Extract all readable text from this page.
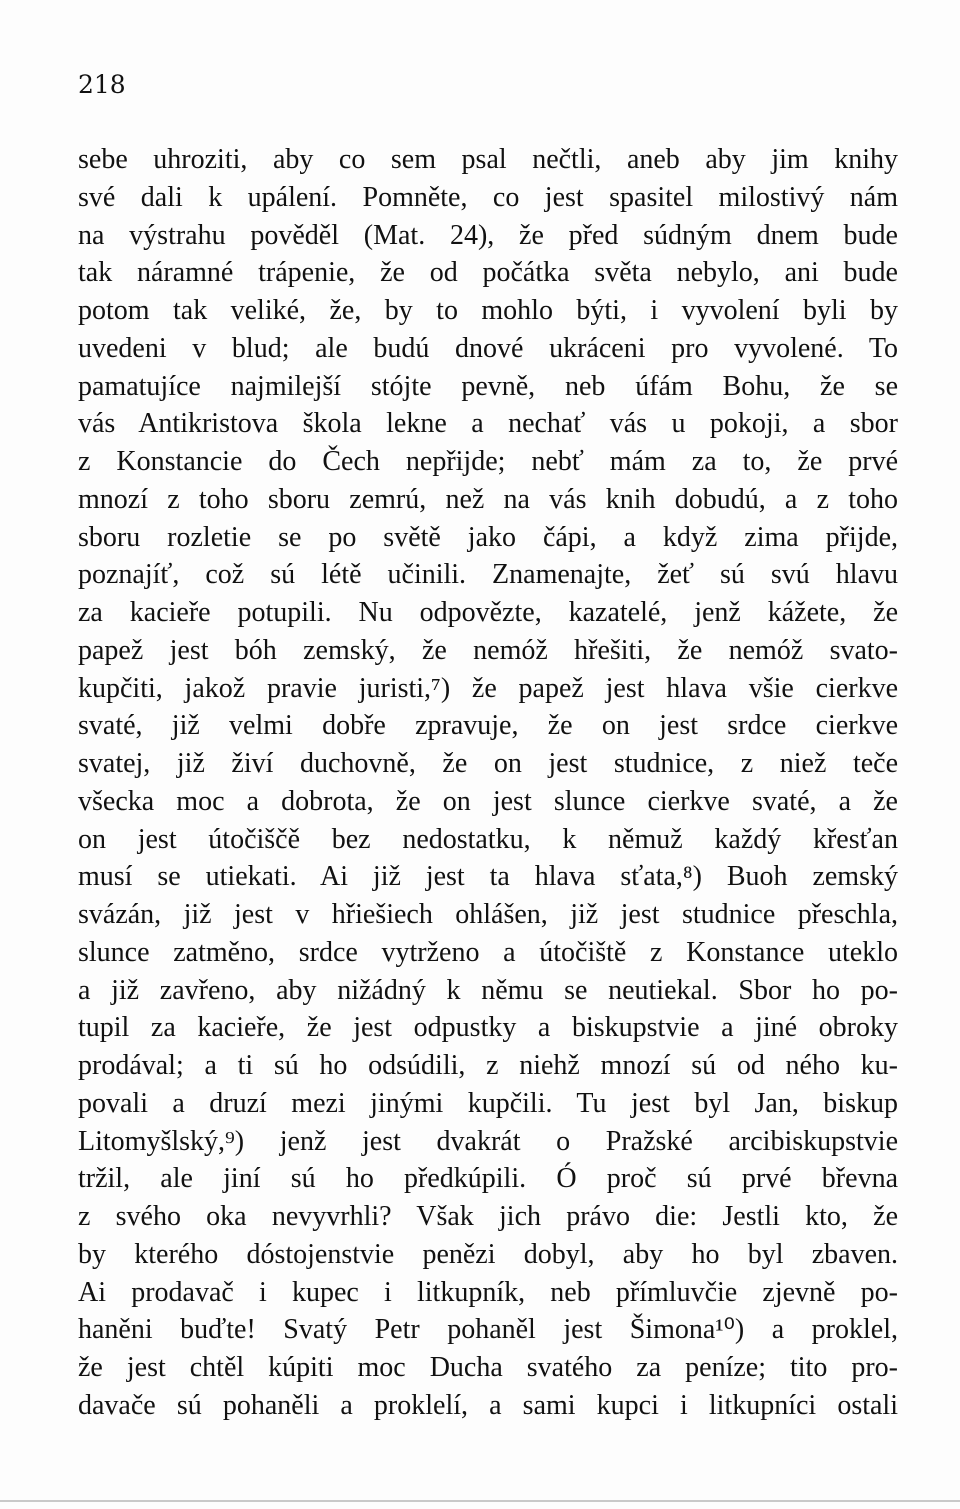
218
sebe uhroziti, aby co sem psal nečtli, aneb aby jim knihy
své dali k upálení. Pomněte, co jest spasitel milostivý nám
na výstrahu pověděl (Mat. 24), že před súdným dnem bude
tak náramné trápenie, že od počátka světa nebylo, ani bude
potom tak veliké, že, by to mohlo býti, i vyvolení byli by
uvedeni v blud; ale budú dnové ukráceni pro vyvolené. To
pamatujíce najmilejší stójte pevně, neb úfám Bohu, že se
vás Antikristova škola lekne a nechať vás u pokoji, a sbor
z Konstancie do Čech nepřijde; nebť mám za to, že prvé
mnozí z toho sboru zemrú, než na vás knih dobudú, a z toho
sboru rozletie se po světě jako čápi, a když zima přijde,
poznajíť, což sú létě učinili. Znamenajte, žeť sú svú hlavu
za kacieře potupili. Nu odpovězte, kazatelé, jenž kážete, že
papež jest bóh zemský, že nemóž hřešiti, že nemóž svato-
kupčiti, jakož pravie juristi,⁷) že papež jest hlava všie cierkve
svaté, již velmi dobře zpravuje, že on jest srdce cierkve
svatej, již živí duchovně, že on jest studnice, z niež teče
všecka moc a dobrota, že on jest slunce cierkve svaté, a že
on jest útočiščě bez nedostatku, k němuž každý křesťan
musí se utiekati. Ai již jest ta hlava sťata,⁸) Buoh zemský
svázán, již jest v hřiešiech ohlášen, již jest studnice přeschla,
slunce zatměno, srdce vytrženo a útočiště z Konstance uteklo
a již zavřeno, aby nižádný k němu se neutiekal. Sbor ho po-
tupil za kacieře, že jest odpustky a biskupstvie a jiné obroky
prodával; a ti sú ho odsúdili, z niehž mnozí sú od ného ku-
povali a druzí mezi jinými kupčili. Tu jest byl Jan, biskup
Litomyšlský,⁹) jenž jest dvakrát o Pražské arcibiskupstvie
tržil, ale jiní sú ho předkúpili. Ó proč sú prvé břevna
z svého oka nevyvrhli? Však jich právo die: Jestli kto, že
by kterého dóstojenstvie penězi dobyl, aby ho byl zbaven.
Ai prodavač i kupec i litkupník, neb přímluvčie zjevně po-
haněni buďte! Svatý Petr pohaněl jest Šimona¹⁰) a proklel,
že jest chtěl kúpiti moc Ducha svatého za peníze; tito pro-
davače sú pohaněli a proklelí, a sami kupci i litkupníci ostali
